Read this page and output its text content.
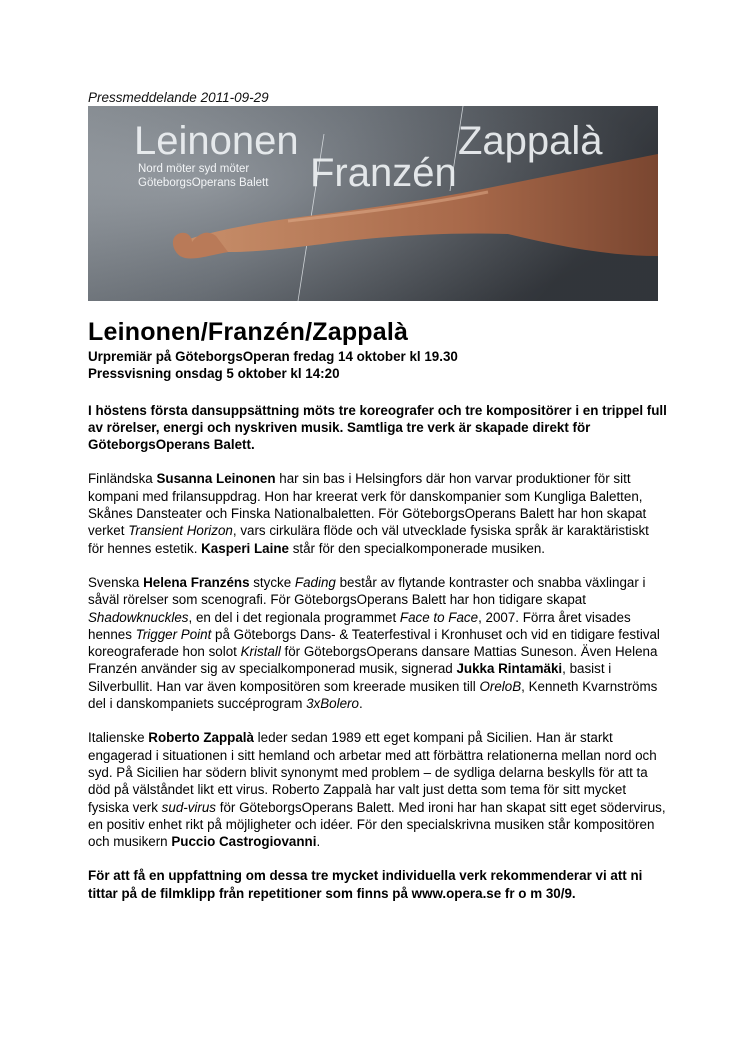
Pressmeddelande 2011-09-29
Leinonen	Zappalà
Franzén
Nord möter syd möter
GöteborgsOperans Balett
Leinonen/Franzén/Zappalà
Urpremiär på GöteborgsOperan fredag 14 oktober kl 19.30
Pressvisning onsdag 5 oktober kl 14:20

I höstens första dansuppsättning möts tre koreografer och tre kompositörer i en trippel full av rörelser, energi och nyskriven musik. Samtliga tre verk är skapade direkt för GöteborgsOperans Balett.

Finländska Susanna Leinonen har sin bas i Helsingfors där hon varvar produktioner för sitt kompani med frilansuppdrag. Hon har kreerat verk för danskompanier som Kungliga Baletten, Skånes Dansteater och Finska Nationalbaletten. För GöteborgsOperans Balett har hon skapat verket Transient Horizon, vars cirkulära flöde och väl utvecklade fysiska språk är karaktäristiskt för hennes estetik. Kasperi Laine står för den specialkomponerade musiken.

Svenska Helena Franzéns stycke Fading består av flytande kontraster och snabba växlingar i såväl rörelser som scenografi. För GöteborgsOperans Balett har hon tidigare skapat Shadowknuckles, en del i det regionala programmet Face to Face, 2007. Förra året visades hennes Trigger Point på Göteborgs Dans- & Teaterfestival i Kronhuset och vid en tidigare festival koreograferade hon solot Kristall för GöteborgsOperans dansare Mattias Suneson. Även Helena Franzén använder sig av specialkomponerad musik, signerad Jukka Rintamäki, basist i Silverbullit. Han var även kompositören som kreerade musiken till OreloB, Kenneth Kvarnströms del i danskompaniets succéprogram 3xBolero.

Italienske Roberto Zappalà leder sedan 1989 ett eget kompani på Sicilien. Han är starkt engagerad i situationen i sitt hemland och arbetar med att förbättra relationerna mellan nord och syd. På Sicilien har södern blivit synonymt med problem – de sydliga delarna beskylls för att ta död på välståndet likt ett virus. Roberto Zappalà har valt just detta som tema för sitt mycket fysiska verk sud-virus för GöteborgsOperans Balett. Med ironi har han skapat sitt eget södervirus, en positiv enhet rikt på möjligheter och idéer. För den specialskrivna musiken står kompositören och musikern Puccio Castrogiovanni.

För att få en uppfattning om dessa tre mycket individuella verk rekommenderar vi att ni tittar på de filmklipp från repetitioner som finns på www.opera.se fr o m 30/9.
